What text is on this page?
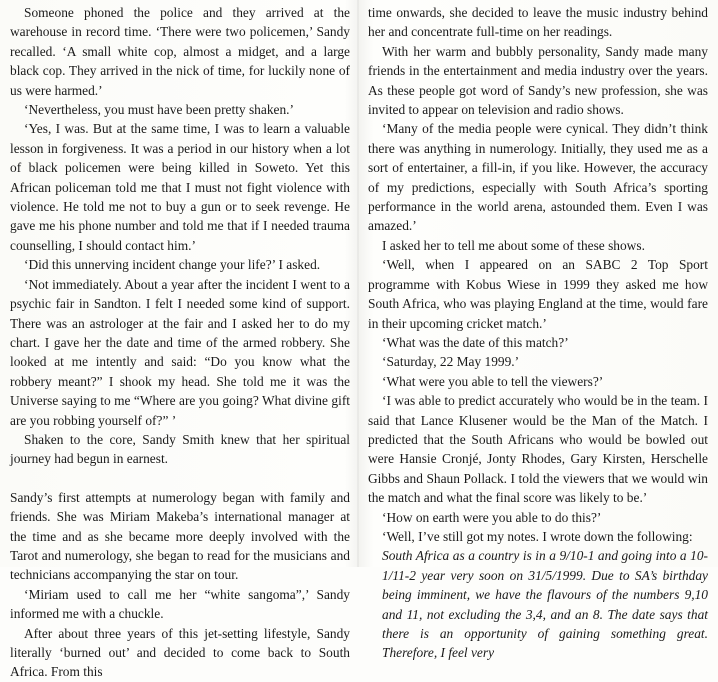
Someone phoned the police and they arrived at the warehouse in record time. ‘There were two policemen,’ Sandy recalled. ‘A small white cop, almost a midget, and a large black cop. They arrived in the nick of time, for luckily none of us were harmed.’

‘Nevertheless, you must have been pretty shaken.’

‘Yes, I was. But at the same time, I was to learn a valuable lesson in forgiveness. It was a period in our history when a lot of black policemen were being killed in Soweto. Yet this African policeman told me that I must not fight violence with violence. He told me not to buy a gun or to seek revenge. He gave me his phone number and told me that if I needed trauma counselling, I should contact him.’

‘Did this unnerving incident change your life?’ I asked.

‘Not immediately. About a year after the incident I went to a psychic fair in Sandton. I felt I needed some kind of support. There was an astrologer at the fair and I asked her to do my chart. I gave her the date and time of the armed robbery. She looked at me intently and said: “Do you know what the robbery meant?” I shook my head. She told me it was the Universe saying to me “Where are you going? What divine gift are you robbing yourself of?” ’

Shaken to the core, Sandy Smith knew that her spiritual journey had begun in earnest.

Sandy’s first attempts at numerology began with family and friends. She was Miriam Makeba’s international manager at the time and as she became more deeply involved with the Tarot and numerology, she began to read for the musicians and technicians accompanying the star on tour.

‘Miriam used to call me her “white sangoma”,’ Sandy informed me with a chuckle.

After about three years of this jet-setting lifestyle, Sandy literally ‘burned out’ and decided to come back to South Africa. From this

time onwards, she decided to leave the music industry behind her and concentrate full-time on her readings.

With her warm and bubbly personality, Sandy made many friends in the entertainment and media industry over the years. As these people got word of Sandy’s new profession, she was invited to appear on television and radio shows.

‘Many of the media people were cynical. They didn’t think there was anything in numerology. Initially, they used me as a sort of entertainer, a fill-in, if you like. However, the accuracy of my predictions, especially with South Africa’s sporting performance in the world arena, astounded them. Even I was amazed.’

I asked her to tell me about some of these shows.

‘Well, when I appeared on an SABC 2 Top Sport programme with Kobus Wiese in 1999 they asked me how South Africa, who was playing England at the time, would fare in their upcoming cricket match.’

‘What was the date of this match?’

‘Saturday, 22 May 1999.’

‘What were you able to tell the viewers?’

‘I was able to predict accurately who would be in the team. I said that Lance Klusener would be the Man of the Match. I predicted that the South Africans who would be bowled out were Hansie Cronjé, Jonty Rhodes, Gary Kirsten, Herschelle Gibbs and Shaun Pollack. I told the viewers that we would win the match and what the final score was likely to be.’

‘How on earth were you able to do this?’

‘Well, I’ve still got my notes. I wrote down the following:

South Africa as a country is in a 9/10-1 and going into a 10-1/11-2 year very soon on 31/5/1999. Due to SA’s birthday being imminent, we have the flavours of the numbers 9,10 and 11, not excluding the 3,4, and an 8. The date says that there is an opportunity of gaining something great. Therefore, I feel very
